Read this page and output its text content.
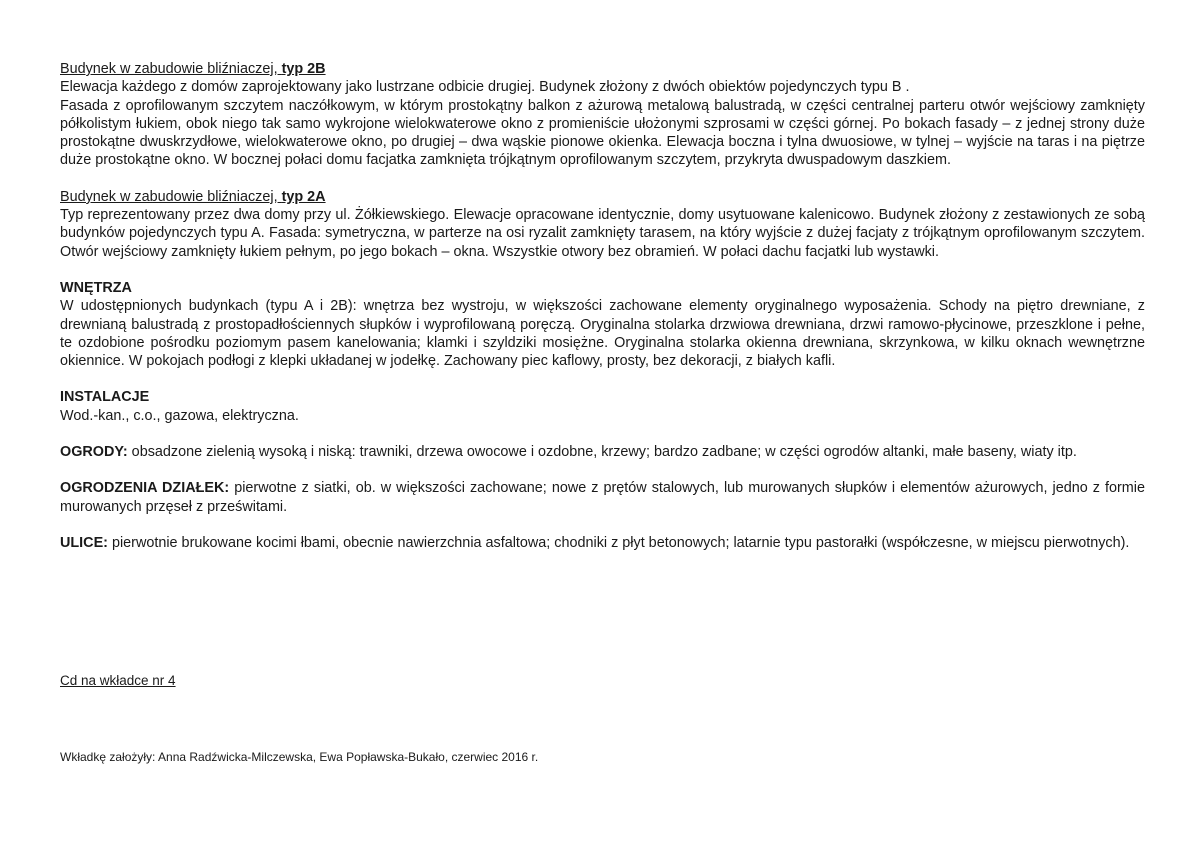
Budynek w zabudowie bliźniaczej, typ 2B

Elewacja każdego z domów zaprojektowany jako lustrzane odbicie drugiej. Budynek złożony z dwóch obiektów pojedynczych typu B .

Fasada z oprofilowanym szczytem naczółkowym, w którym prostokątny balkon z ażurową metalową balustradą, w części centralnej parteru otwór wejściowy zamknięty półkolistym łukiem, obok niego tak samo wykrojone wielokwaterowe okno z promieniście ułożonymi szprosami w części górnej. Po bokach fasady – z jednej strony duże prostokątne dwuskrzydłowe, wielokwaterowe okno, po drugiej – dwa wąskie pionowe okienka. Elewacja boczna i tylna dwuosiowe, w tylnej – wyjście na taras i na piętrze duże prostokątne okno. W bocznej połaci domu facjatka zamknięta trójkątnym oprofilowanym szczytem, przykryta dwuspadowym daszkiem.

Budynek w zabudowie bliźniaczej, typ 2A

Typ reprezentowany przez dwa domy przy ul. Żółkiewskiego. Elewacje opracowane identycznie, domy usytuowane kalenicowo. Budynek złożony z zestawionych ze sobą budynków pojedynczych typu A. Fasada: symetryczna, w parterze na osi ryzalit zamknięty tarasem, na który wyjście z dużej facjaty z trójkątnym oprofilowanym szczytem. Otwór wejściowy zamknięty łukiem pełnym, po jego bokach – okna. Wszystkie otwory bez obramień. W połaci dachu facjatki lub wystawki.

WNĘTRZA

W udostępnionych budynkach (typu A i 2B): wnętrza bez wystroju, w większości zachowane elementy oryginalnego wyposażenia. Schody na piętro drewniane, z drewnianą balustradą z prostopadłościennych słupków i wyprofilowaną poręczą. Oryginalna stolarka drzwiowa drewniana, drzwi ramowo-płycinowe, przeszklone i pełne, te ozdobione pośrodku poziomym pasem kanelowania; klamki i szyldziki mosiężne. Oryginalna stolarka okienna drewniana, skrzynkowa, w kilku oknach wewnętrzne okiennice. W pokojach podłogi z klepki układanej w jodełkę. Zachowany piec kaflowy, prosty, bez dekoracji, z białych kafli.

INSTALACJE

Wod.-kan., c.o., gazowa, elektryczna.

OGRODY: obsadzone zielenią wysoką i niską: trawniki, drzewa owocowe i ozdobne, krzewy; bardzo zadbane; w części ogrodów altanki, małe baseny, wiaty itp.

OGRODZENIA DZIAŁEK: pierwotne z siatki, ob. w większości zachowane; nowe z prętów stalowych, lub murowanych słupków i elementów ażurowych, jedno z formie murowanych przęseł z prześwitami.

ULICE: pierwotnie brukowane kocimi łbami, obecnie nawierzchnia asfaltowa; chodniki z płyt betonowych; latarnie typu pastorałki (współczesne, w miejscu pierwotnych).

Cd na wkładce nr 4

Wkładkę założyły: Anna Radźwicka-Milczewska, Ewa Popławska-Bukało, czerwiec 2016 r.
